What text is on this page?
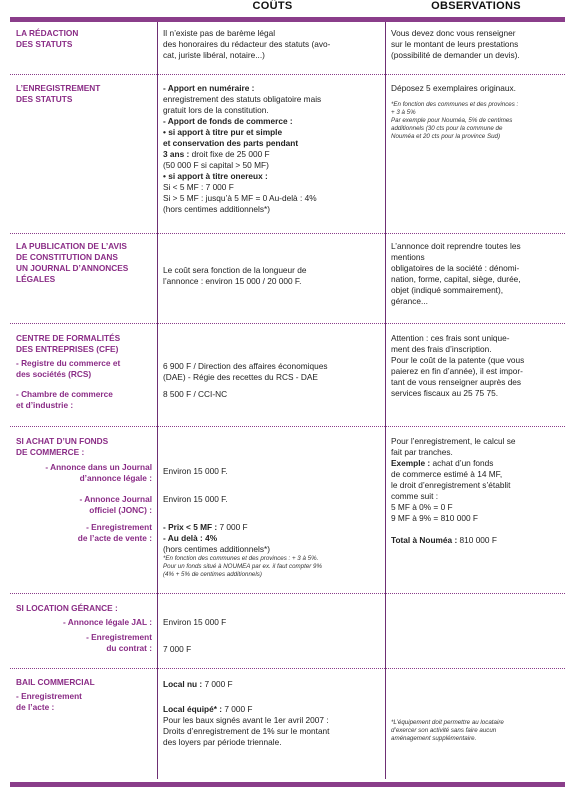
COÛTS	OBSERVATIONS
LA RÉDACTION
DES STATUTS
Il n’existe pas de barème légal
des honoraires du rédacteur des statuts (avo-
cat, juriste libéral, notaire...)
Vous devez donc vous renseigner
sur le montant de leurs prestations
(possibilité de demander un devis).
L’ENREGISTREMENT
DES STATUTS
- Apport en numéraire :
enregistrement des statuts obligatoire mais
gratuit lors de la constitution.
- Apport de fonds de commerce :
• si apport à titre pur et simple
et conservation des parts pendant
3 ans : droit fixe de 25 000 F
(50 000 F si capital > 50 MF)
• si apport à titre onereux :
Si < 5 MF : 7 000 F
Si > 5 MF : jusqu’à 5 MF = 0 Au-delà : 4%
(hors centimes additionnels*)
Déposez 5 exemplaires originaux.
*En fonction des communes et des provinces :
+ 3 à 5%
Par exemple pour Nouméa, 5% de centimes
additionnels (30 cts pour la commune de
Nouméa et 20 cts pour la province Sud)
LA PUBLICATION DE L’AVIS
DE CONSTITUTION DANS
UN JOURNAL D’ANNONCES
LÉGALES
Le coût sera fonction de la longueur de
l’annonce : environ 15 000 / 20 000 F.
L’annonce doit reprendre toutes les
mentions
obligatoires de la société : dénomi-
nation, forme, capital, siège, durée,
objet (indiqué sommairement),
gérance...
CENTRE DE FORMALITÉS
DES ENTREPRISES (CFE)
- Registre du commerce et
des sociétés (RCS)
- Chambre de commerce
et d’industrie :
6 900 F / Direction des affaires économiques
(DAE) - Régie des recettes du RCS - DAE
8 500 F / CCI-NC
Attention : ces frais sont unique-
ment des frais d’inscription.
Pour le coût de la patente (que vous
paierez en fin d’année), il est impor-
tant de vous renseigner auprès des
services fiscaux au 25 75 75.
SI ACHAT D’UN FONDS
DE COMMERCE :
- Annonce dans un Journal
d’annonce légale :
- Annonce Journal
officiel (JONC) :
- Enregistrement
de l’acte de vente :
Environ 15 000 F.
Environ 15 000 F.
- Prix < 5 MF : 7 000 F
- Au delà : 4%
(hors centimes additionnels*)
*En fonction des communes et des provinces : + 3 à 5%.
Pour un fonds situé à NOUMEA par ex. il faut compter 9%
(4% + 5% de centimes additionnels)
Pour l’enregistrement, le calcul se
fait par tranches.
Exemple : achat d’un fonds
de commerce estimé à 14 MF,
le droit d’enregistrement s’établit
comme suit :
5 MF à 0% = 0 F
9 MF à 9% = 810 000 F
Total à Nouméa : 810 000 F
SI LOCATION GÉRANCE :
- Annonce légale JAL :
- Enregistrement
du contrat :
Environ 15 000 F
7 000 F
BAIL COMMERCIAL
- Enregistrement
de l’acte :
Local nu : 7 000 F
Local équipé* : 7 000 F
Pour les baux signés avant le 1er avril 2007 :
Droits d’enregistrement de 1% sur le montant
des loyers par période triennale.
*L’équipement doit permettre au locataire
d’exercer son activité sans faire aucun
aménagement supplémentaire.
